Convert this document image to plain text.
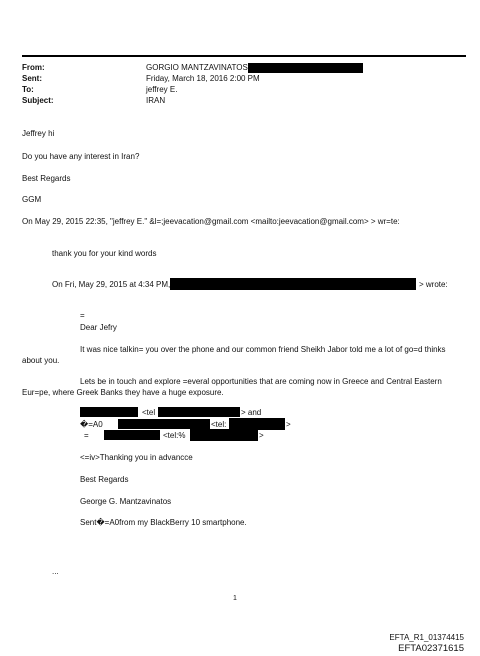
From:	GORGIO MANTZAVINATOS
Sent:	Friday, March 18, 2016 2:00 PM
To:	jeffrey E.
Subject:	IRAN
Jeffrey hi
Do you have any interest in Iran?
Best Regards
GGM
On May 29, 2015 22:35, "jeffrey E." &l=;jeevacation@gmail.com <mailto:jeevacation@gmail.com> > wr=te:
thank you for your kind words
On Fri, May 29, 2015 at 4:34 PM,	> wrote:
=
Dear Jefry
It was nice talkin= you over the phone and our common friend Sheikh Jabor told me a lot of go=d thinks
about you.
Lets be in touch and explore =everal opportunities that are coming now in Greece and Central Eastern
Eur=pe, where Greek Banks they have a huge exposure.
<tel	> and
�=A0	<tel:	>
=	<tel:%	>
<=iv>Thanking you in advancce
Best Regards
George G. Mantzavinatos
Sent�=A0from my BlackBerry 10 smartphone.
...
1
EFTA_R1_01374415
EFTA02371615
